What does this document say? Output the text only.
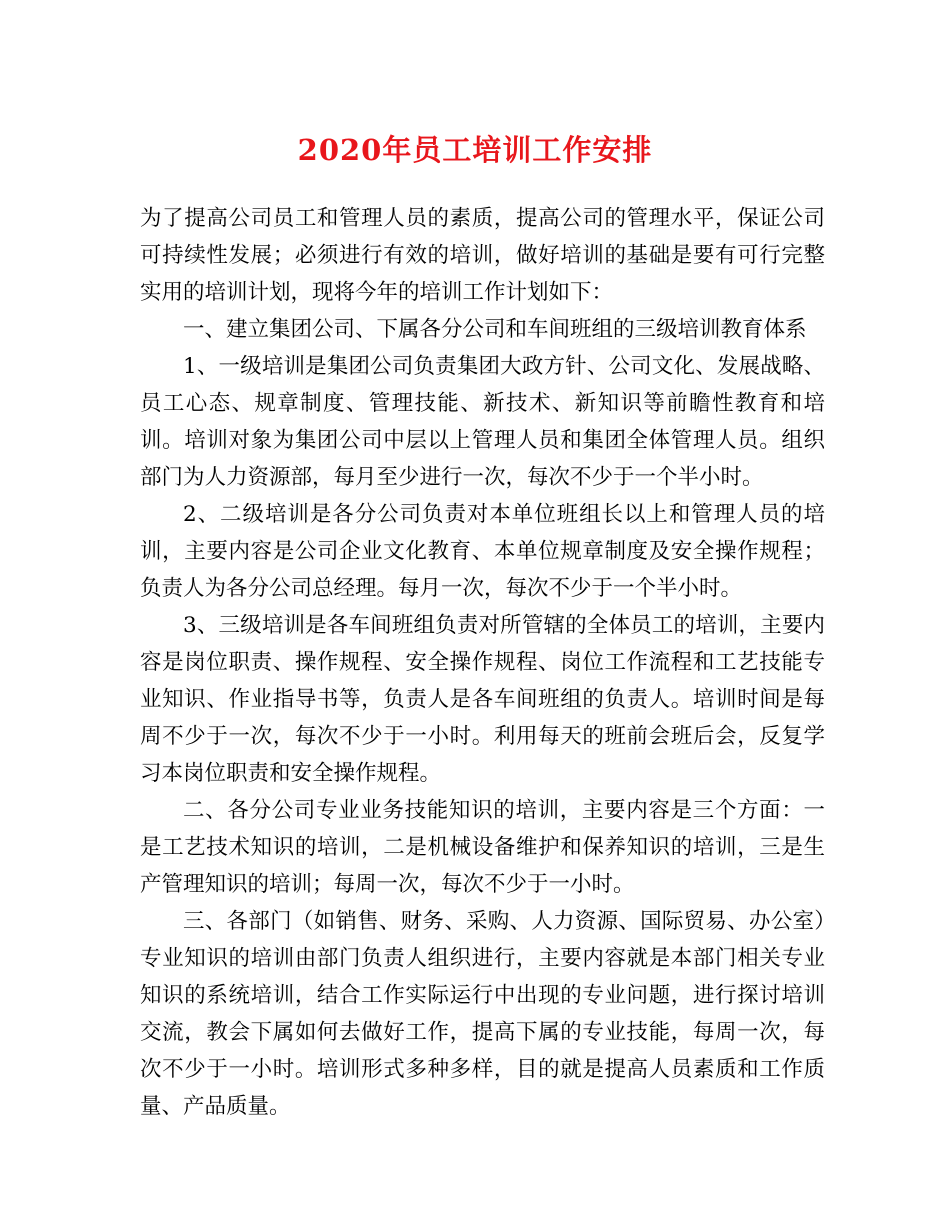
2020年员工培训工作安排

为了提高公司员工和管理人员的素质，提高公司的管理水平，保证公司可持续性发展；必须进行有效的培训，做好培训的基础是要有可行完整实用的培训计划，现将今年的培训工作计划如下：

一、建立集团公司、下属各分公司和车间班组的三级培训教育体系

1、一级培训是集团公司负责集团大政方针、公司文化、发展战略、员工心态、规章制度、管理技能、新技术、新知识等前瞻性教育和培训。培训对象为集团公司中层以上管理人员和集团全体管理人员。组织部门为人力资源部，每月至少进行一次，每次不少于一个半小时。

2、二级培训是各分公司负责对本单位班组长以上和管理人员的培训，主要内容是公司企业文化教育、本单位规章制度及安全操作规程；负责人为各分公司总经理。每月一次，每次不少于一个半小时。

3、三级培训是各车间班组负责对所管辖的全体员工的培训，主要内容是岗位职责、操作规程、安全操作规程、岗位工作流程和工艺技能专业知识、作业指导书等，负责人是各车间班组的负责人。培训时间是每周不少于一次，每次不少于一小时。利用每天的班前会班后会，反复学习本岗位职责和安全操作规程。

二、各分公司专业业务技能知识的培训，主要内容是三个方面：一是工艺技术知识的培训，二是机械设备维护和保养知识的培训，三是生产管理知识的培训；每周一次，每次不少于一小时。

三、各部门（如销售、财务、采购、人力资源、国际贸易、办公室）专业知识的培训由部门负责人组织进行，主要内容就是本部门相关专业知识的系统培训，结合工作实际运行中出现的专业问题，进行探讨培训交流，教会下属如何去做好工作，提高下属的专业技能，每周一次，每次不少于一小时。培训形式多种多样，目的就是提高人员素质和工作质量、产品质量。
